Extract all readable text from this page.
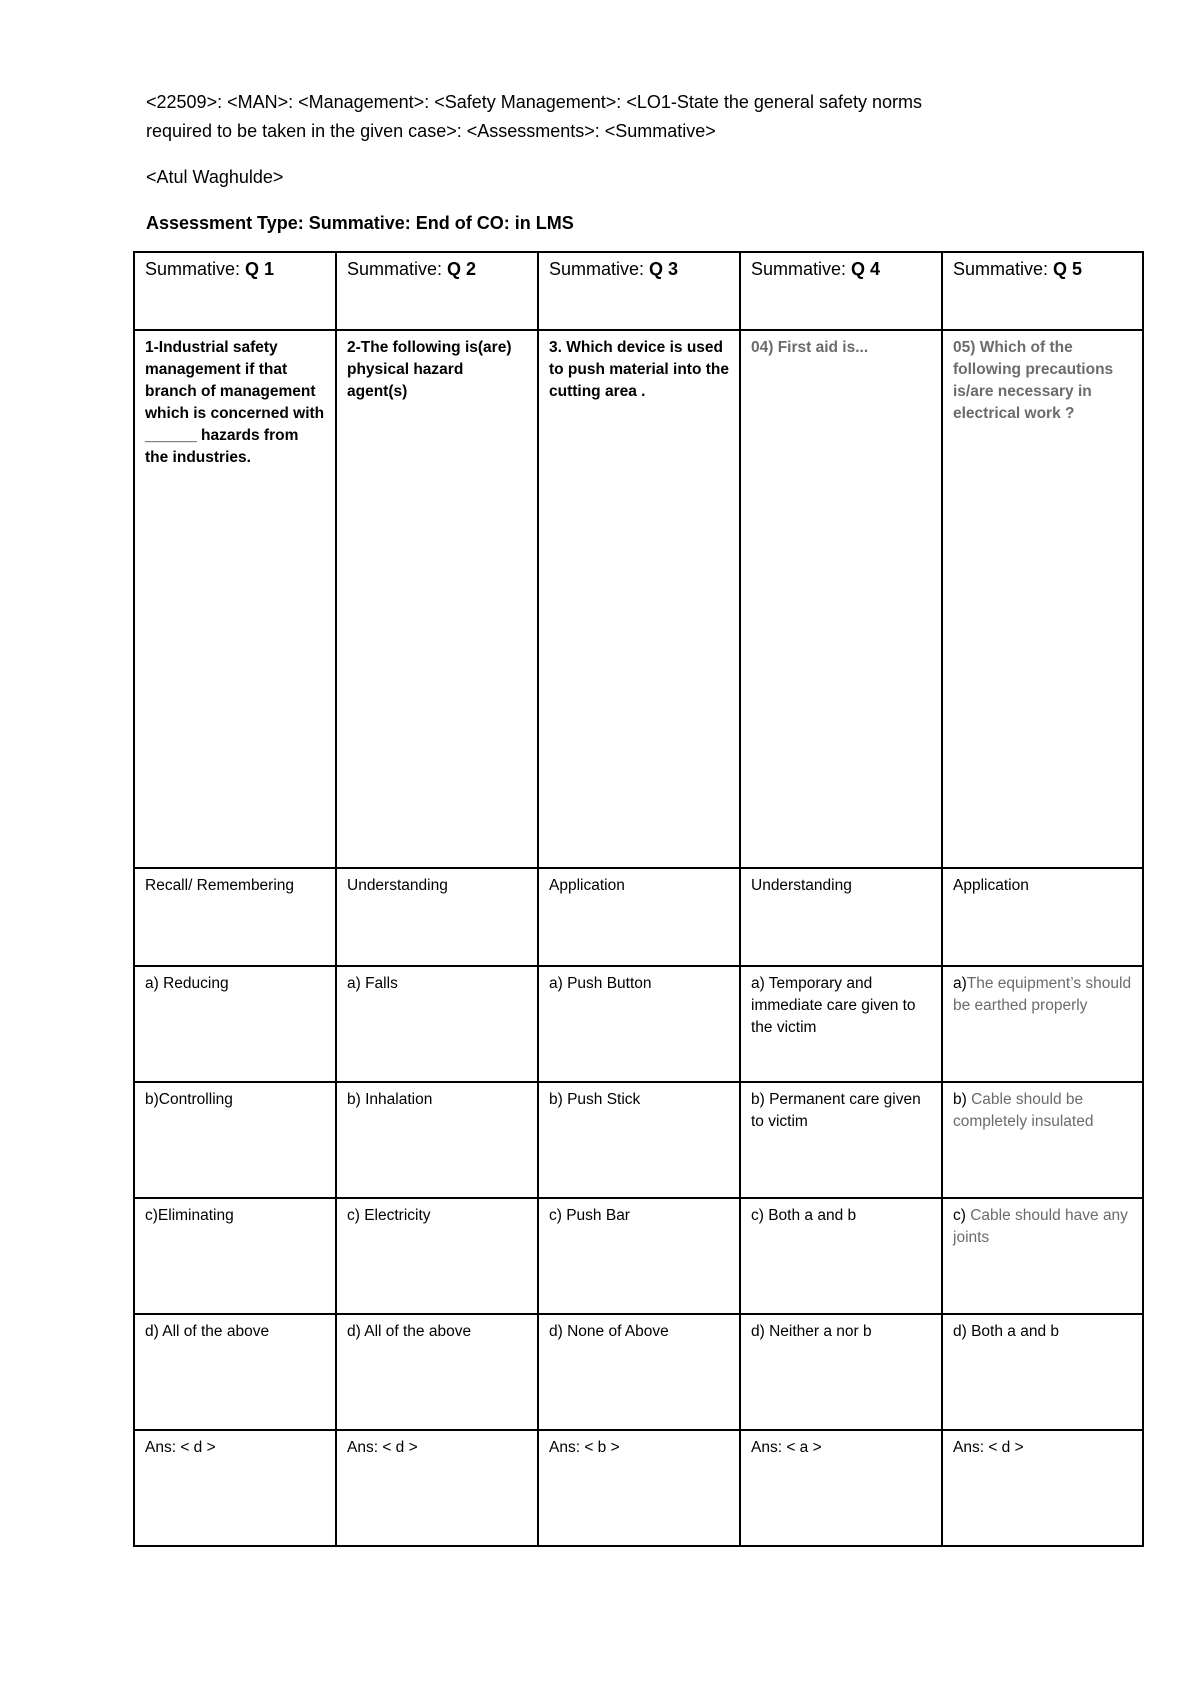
<22509>: <MAN>: <Management>: <Safety Management>: <LO1-State the general safety norms
required to be taken in the given case>: <Assessments>: <Summative>
<Atul Waghulde>
Assessment Type: Summative: End of CO: in LMS
Summative: Q 1	Summative: Q 2	Summative: Q 3	Summative: Q 4	Summative: Q 5
1-Industrial safety management if that branch of management which is concerned with ______ hazards from the industries.	2-The following is(are) physical hazard agent(s)	3. Which device is used to push material into the cutting area .	04) First aid is...	05) Which of the following precautions is/are necessary in electrical work ?
Recall/ Remembering	Understanding	Application	Understanding	Application
a) Reducing	a) Falls	a) Push Button	a) Temporary and immediate care given to the victim	a)The equipment’s should be earthed properly
b)Controlling	b) Inhalation	b) Push Stick	b) Permanent care given to victim	b) Cable should be completely insulated
c)Eliminating	c) Electricity	c) Push Bar	c) Both a and b	c) Cable should have any joints
d) All of the above	d) All of the above	d) None of Above	d) Neither a nor b	d) Both a and b
Ans: < d >	Ans: < d >	Ans: < b >	Ans: < a >	Ans: < d >
